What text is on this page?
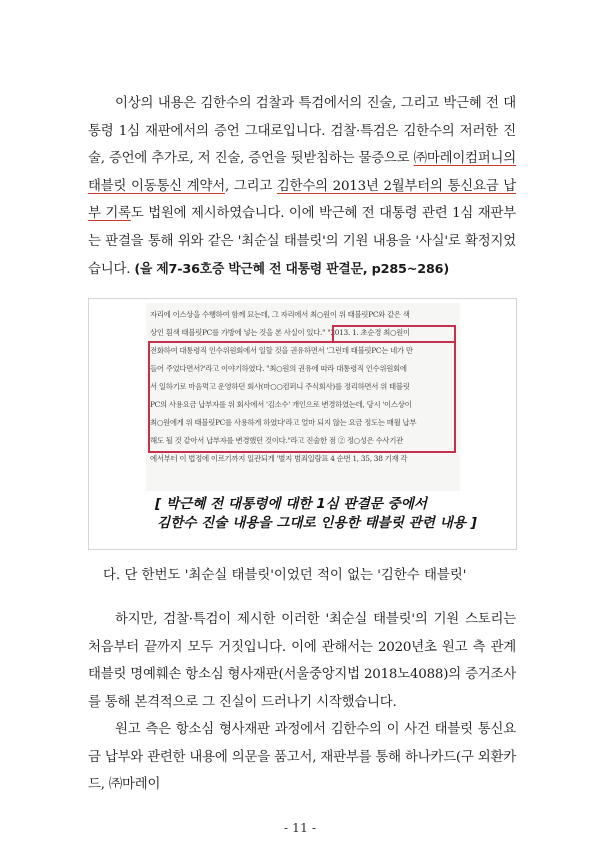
이상의 내용은 김한수의 검찰과 특검에서의 진술, 그리고 박근혜 전 대통령 1심 재판에서의 증언 그대로입니다. 검찰·특검은 김한수의 저러한 진술, 증언에 추가로, 저 진술, 증언을 뒷받침하는 물증으로 ㈜마레이컴퍼니의 태블릿 이동통신 계약서, 그리고 김한수의 2013년 2월부터의 통신요금 납부 기록도 법원에 제시하였습니다. 이에 박근혜 전 대통령 관련 1심 재판부는 판결을 통해 위와 같은 '최순실 태블릿'의 기원 내용을 '사실'로 확정지었습니다. (을 제7-36호증 박근혜 전 대통령 판결문, p285~286)

자리에 이스상을 수행하여 함께 묘는데, 그 자리에서 최○원이 위 태블릿PC와 같은 색
상인 흰색 태블릿PC를 가방에 넣는 것을 본 사실이 있다." "2013. 1. 초순경 최○원이
전화하여 대통령직 인수위원회에서 일할 것을 권유하면서 '그런데 태블릿PC는 네가 만
들어 주었다면서?'라고 이야기하였다. "최○원의 권유에 따라 대통령직 인수위원회에
서 일하기로 마음먹고 운영하던 회사(마○○컴퍼니 주식회사)를 정리하면서 위 태블릿
PC의 사용요금 납부자를 위 회사에서 '김소수' 개인으로 변경하였는데, 당시 '이스상이
최○원에게 위 태블릿PC를 사용하게 하였다'라고 얼마 되지 않는 요금 정도는 매월 납부
해도 될 것 같아서 납부자를 변경했던 것이다."라고 진술한 점 ② 정○성은 수사기관
에서부터 이 법정에 이르기까지 일관되게 '별지 범죄일람표 4 순번 1, 35, 38 기재 각
[ 박근혜 전 대통령에 대한 1심 판결문 중에서
김한수 진술 내용을 그대로 인용한 태블릿 관련 내용 ]

다. 단 한번도 '최순실 태블릿'이었던 적이 없는 '김한수 태블릿'

하지만, 검찰·특검이 제시한 이러한 '최순실 태블릿'의 기원 스토리는 처음부터 끝까지 모두 거짓입니다. 이에 관해서는 2020년초 원고 측 관계 태블릿 명예훼손 항소심 형사재판(서울중앙지법 2018노4088)의 증거조사를 통해 본격적으로 그 진실이 드러나기 시작했습니다.

원고 측은 항소심 형사재판 과정에서 김한수의 이 사건 태블릿 통신요금 납부와 관련한 내용에 의문을 품고서, 재판부를 통해 하나카드(구 외환카드, ㈜마레이

- 11 -
